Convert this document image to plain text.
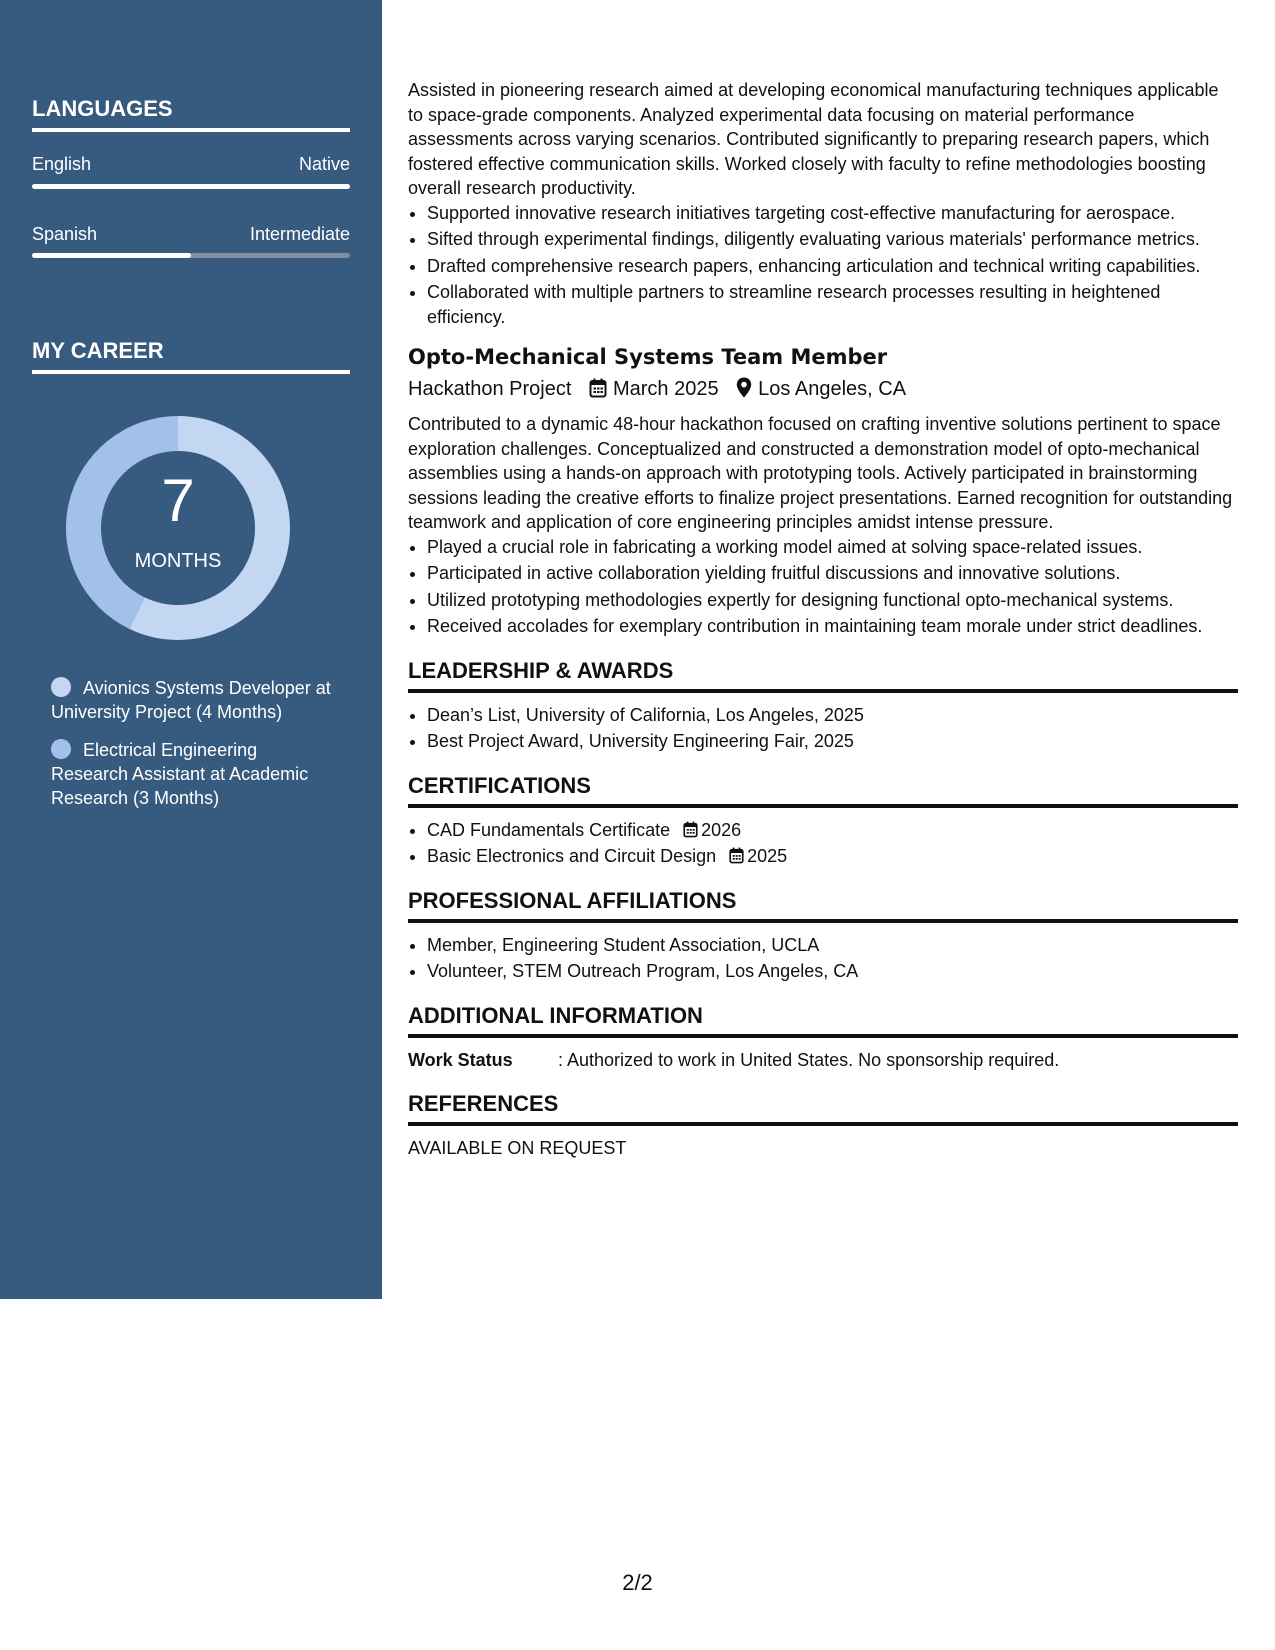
LANGUAGES
English	Native
Spanish	Intermediate
MY CAREER
7
MONTHS
Avionics Systems Developer at University Project (4 Months)
Electrical Engineering Research Assistant at Academic Research (3 Months)

Assisted in pioneering research aimed at developing economical manufacturing techniques applicable to space-grade components. Analyzed experimental data focusing on material performance assessments across varying scenarios. Contributed significantly to preparing research papers, which fostered effective communication skills. Worked closely with faculty to refine methodologies boosting overall research productivity.

• Supported innovative research initiatives targeting cost-effective manufacturing for aerospace.
• Sifted through experimental findings, diligently evaluating various materials' performance metrics.
• Drafted comprehensive research papers, enhancing articulation and technical writing capabilities.
• Collaborated with multiple partners to streamline research processes resulting in heightened efficiency.
Opto-Mechanical Systems Team Member
Hackathon Project March 2025 Los Angeles, CA

Contributed to a dynamic 48-hour hackathon focused on crafting inventive solutions pertinent to space exploration challenges. Conceptualized and constructed a demonstration model of opto-mechanical assemblies using a hands-on approach with prototyping tools. Actively participated in brainstorming sessions leading the creative efforts to finalize project presentations. Earned recognition for outstanding teamwork and application of core engineering principles amidst intense pressure.

• Played a crucial role in fabricating a working model aimed at solving space-related issues.
• Participated in active collaboration yielding fruitful discussions and innovative solutions.
• Utilized prototyping methodologies expertly for designing functional opto-mechanical systems.
• Received accolades for exemplary contribution in maintaining team morale under strict deadlines.
LEADERSHIP & AWARDS
• Dean’s List, University of California, Los Angeles, 2025
• Best Project Award, University Engineering Fair, 2025
CERTIFICATIONS
• CAD Fundamentals Certificate 2026
• Basic Electronics and Circuit Design 2025
PROFESSIONAL AFFILIATIONS
• Member, Engineering Student Association, UCLA
• Volunteer, STEM Outreach Program, Los Angeles, CA
ADDITIONAL INFORMATION
Work Status	: Authorized to work in United States. No sponsorship required.
REFERENCES

AVAILABLE ON REQUEST

2/2
